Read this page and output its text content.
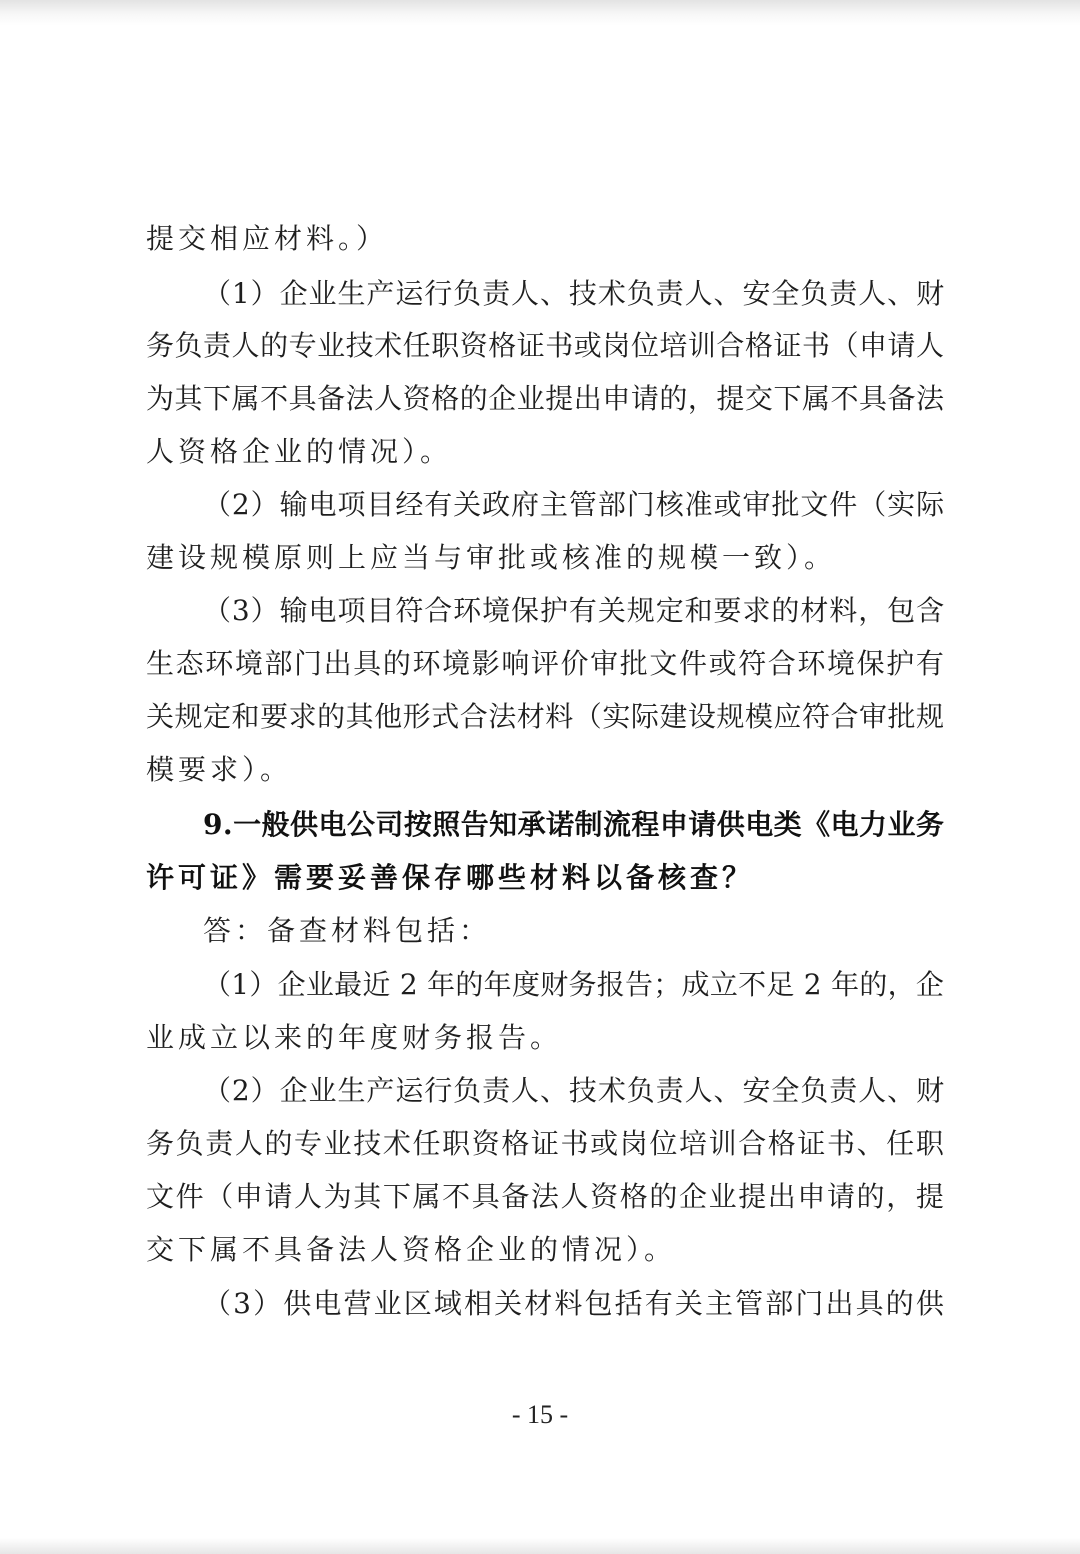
提交相应材料。）
（1）企业生产运行负责人、技术负责人、安全负责人、财
务负责人的专业技术任职资格证书或岗位培训合格证书（申请人
为其下属不具备法人资格的企业提出申请的，提交下属不具备法
人资格企业的情况）。
（2）输电项目经有关政府主管部门核准或审批文件（实际
建设规模原则上应当与审批或核准的规模一致）。
（3）输电项目符合环境保护有关规定和要求的材料，包含
生态环境部门出具的环境影响评价审批文件或符合环境保护有
关规定和要求的其他形式合法材料（实际建设规模应符合审批规
模要求）。
9.一般供电公司按照告知承诺制流程申请供电类《电力业务
许可证》需要妥善保存哪些材料以备核查？
答：备查材料包括：
（1）企业最近 2 年的年度财务报告；成立不足 2 年的，企
业成立以来的年度财务报告。
（2）企业生产运行负责人、技术负责人、安全负责人、财
务负责人的专业技术任职资格证书或岗位培训合格证书、任职
文件（申请人为其下属不具备法人资格的企业提出申请的，提
交下属不具备法人资格企业的情况）。
（3）供电营业区域相关材料包括有关主管部门出具的供
- 15 -
